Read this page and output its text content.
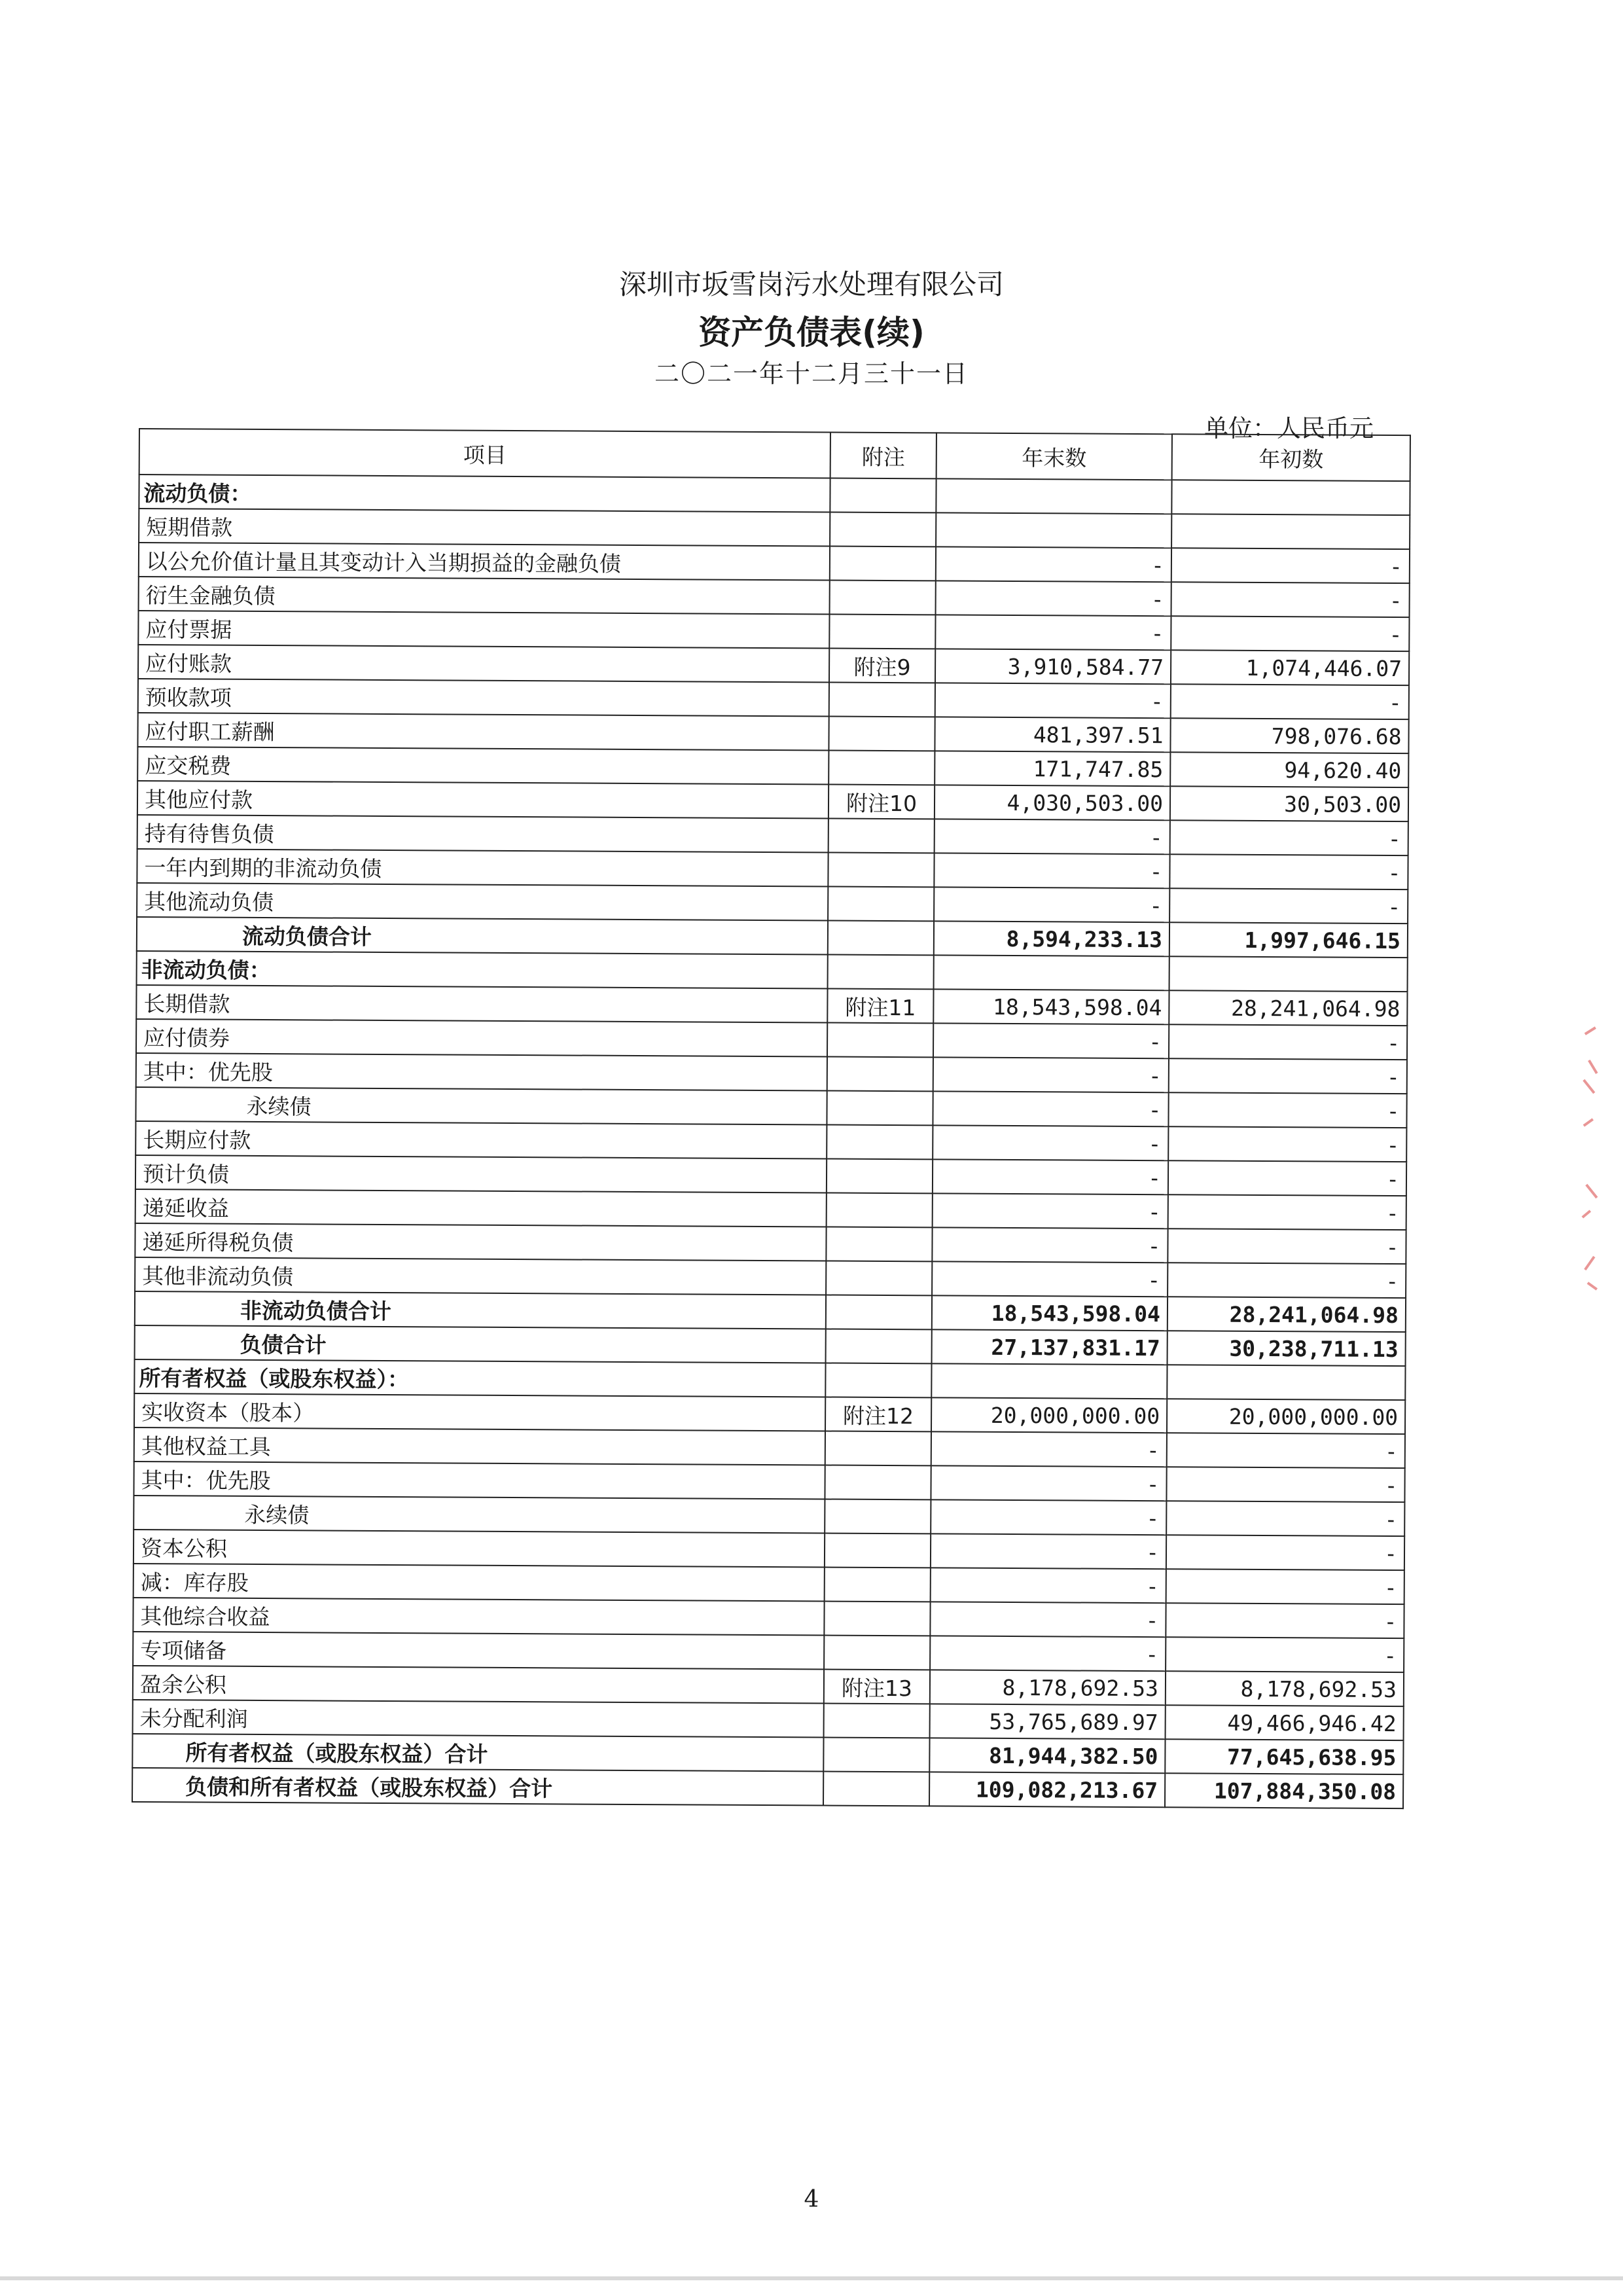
深圳市坂雪岗污水处理有限公司
资产负债表(续)
二〇二一年十二月三十一日
单位：人民币元
项目	附注	年末数	年初数
流动负债：			
短期借款			
以公允价值计量且其变动计入当期损益的金融负债		-	-
衍生金融负债		-	-
应付票据		-	-
应付账款	附注9	3,910,584.77	1,074,446.07
预收款项		-	-
应付职工薪酬		481,397.51	798,076.68
应交税费		171,747.85	94,620.40
其他应付款	附注10	4,030,503.00	30,503.00
持有待售负债		-	-
一年内到期的非流动负债		-	-
其他流动负债		-	-
流动负债合计		8,594,233.13	1,997,646.15
非流动负债：			
长期借款	附注11	18,543,598.04	28,241,064.98
应付债券		-	-
其中：优先股		-	-
永续债		-	-
长期应付款		-	-
预计负债		-	-
递延收益		-	-
递延所得税负债		-	-
其他非流动负债		-	-
非流动负债合计		18,543,598.04	28,241,064.98
负债合计		27,137,831.17	30,238,711.13
所有者权益（或股东权益）：			
实收资本（股本）	附注12	20,000,000.00	20,000,000.00
其他权益工具		-	-
其中：优先股		-	-
永续债		-	-
资本公积		-	-
减：库存股		-	-
其他综合收益		-	-
专项储备		-	-
盈余公积	附注13	8,178,692.53	8,178,692.53
未分配利润		53,765,689.97	49,466,946.42
所有者权益（或股东权益）合计		81,944,382.50	77,645,638.95
负债和所有者权益（或股东权益）合计		109,082,213.67	107,884,350.08
4
